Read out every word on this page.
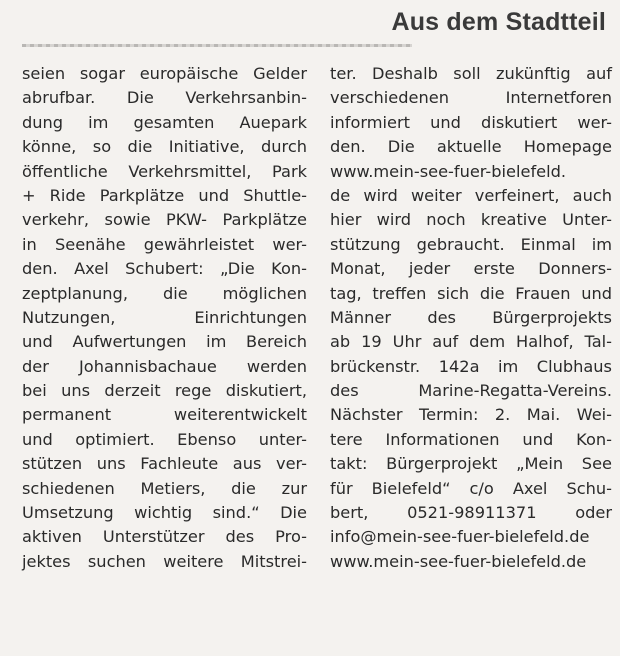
Aus dem Stadtteil
seien sogar europäische Gelder
abrufbar. Die Verkehrsanbin-
dung im gesamten Auepark
könne, so die Initiative, durch
öffentliche Verkehrsmittel, Park
+ Ride Parkplätze und Shuttle-
verkehr, sowie PKW- Parkplätze
in Seenähe gewährleistet wer-
den. Axel Schubert: „Die Kon-
zeptplanung, die möglichen
Nutzungen, Einrichtungen
und Aufwertungen im Bereich
der Johannisbachaue werden
bei uns derzeit rege diskutiert,
permanent weiterentwickelt
und optimiert. Ebenso unter-
stützen uns Fachleute aus ver-
schiedenen Metiers, die zur
Umsetzung wichtig sind.“ Die
aktiven Unterstützer des Pro-
jektes suchen weitere Mitstrei-
ter. Deshalb soll zukünftig auf
verschiedenen Internetforen
informiert und diskutiert wer-
den. Die aktuelle Homepage
www.mein-see-fuer-bielefeld.
de wird weiter verfeinert, auch
hier wird noch kreative Unter-
stützung gebraucht. Einmal im
Monat, jeder erste Donners-
tag, treffen sich die Frauen und
Männer des Bürgerprojekts
ab 19 Uhr auf dem Halhof, Tal-
brückenstr. 142a im Clubhaus
des Marine-Regatta-Vereins.
Nächster Termin: 2. Mai. Wei-
tere Informationen und Kon-
takt: Bürgerprojekt „Mein See
für Bielefeld“ c/o Axel Schu-
bert, 0521-98911371 oder
info@mein-see-fuer-bielefeld.de
www.mein-see-fuer-bielefeld.de
